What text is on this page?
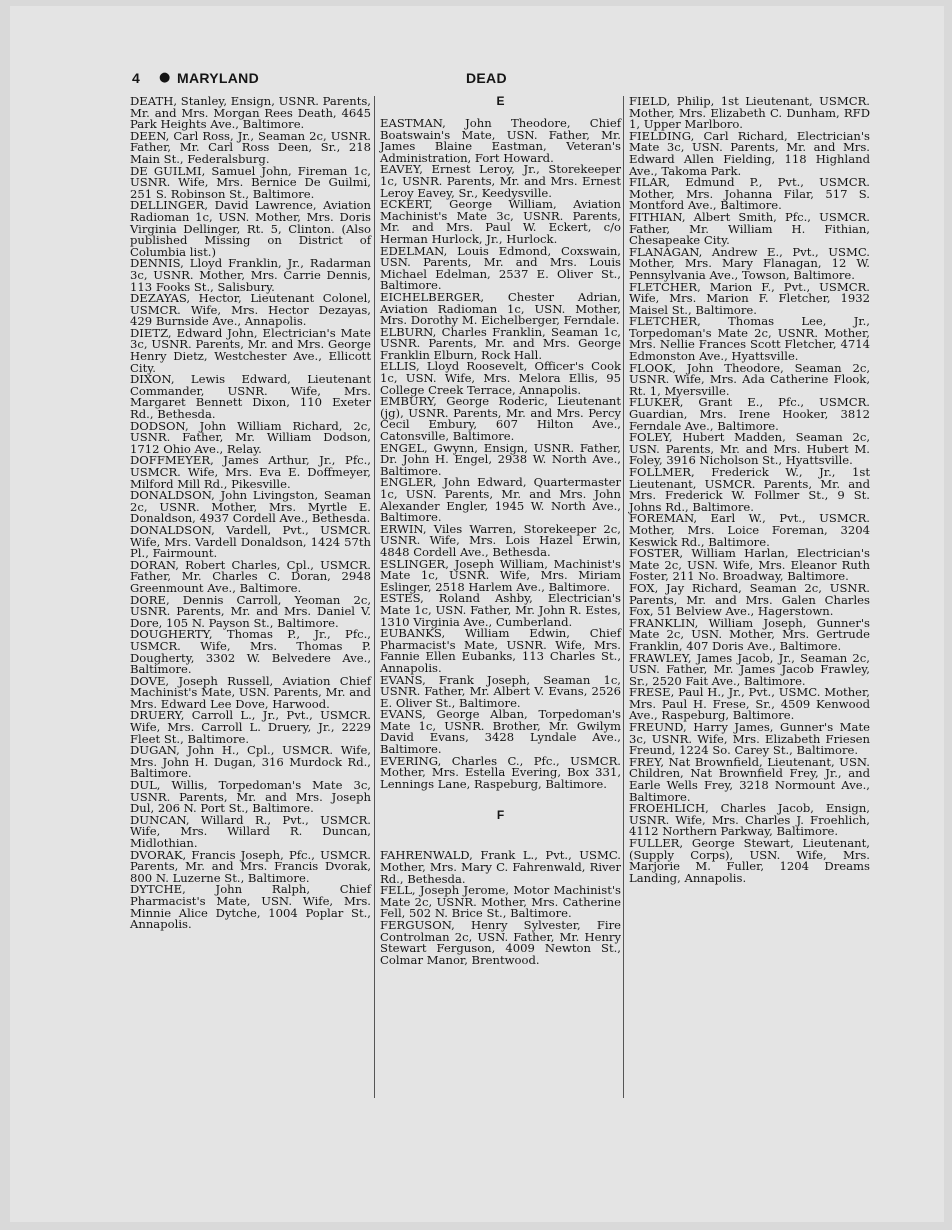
4 ● MARYLAND	DEAD

DEATH, Stanley, Ensign, USNR. Parents, Mr. and Mrs. Morgan Rees Death, 4645 Park Heights Ave., Baltimore.

DEEN, Carl Ross, Jr., Seaman 2c, USNR. Father, Mr. Carl Ross Deen, Sr., 218 Main St., Federalsburg.

DE GUILMI, Samuel John, Fireman 1c, USNR. Wife, Mrs. Bernice De Guilmi, 251 S. Robinson St., Baltimore.

DELLINGER, David Lawrence, Aviation Radioman 1c, USN. Mother, Mrs. Doris Virginia Dellinger, Rt. 5, Clinton. (Also published Missing on District of Columbia list.)

DENNIS, Lloyd Franklin, Jr., Radarman 3c, USNR. Mother, Mrs. Carrie Dennis, 113 Fooks St., Salisbury.

DEZAYAS, Hector, Lieutenant Colonel, USMCR. Wife, Mrs. Hector Dezayas, 429 Burnside Ave., Annapolis.

DIETZ, Edward John, Electrician's Mate 3c, USNR. Parents, Mr. and Mrs. George Henry Dietz, Westchester Ave., Ellicott City.

DIXON, Lewis Edward, Lieutenant Commander, USNR. Wife, Mrs. Margaret Bennett Dixon, 110 Exeter Rd., Bethesda.

DODSON, John William Richard, 2c, USNR. Father, Mr. William Dodson, 1712 Ohio Ave., Relay.

DOFFMEYER, James Arthur, Jr., Pfc., USMCR. Wife, Mrs. Eva E. Doffmeyer, Milford Mill Rd., Pikesville.

DONALDSON, John Livingston, Seaman 2c, USNR. Mother, Mrs. Myrtle E. Donaldson, 4937 Cordell Ave., Bethesda.

DONALDSON, Vardell, Pvt., USMCR. Wife, Mrs. Vardell Donaldson, 1424 57th Pl., Fairmount.

DORAN, Robert Charles, Cpl., USMCR. Father, Mr. Charles C. Doran, 2948 Greenmount Ave., Baltimore.

DORE, Dennis Carroll, Yeoman 2c, USNR. Parents, Mr. and Mrs. Daniel V. Dore, 105 N. Payson St., Baltimore.

DOUGHERTY, Thomas P., Jr., Pfc., USMCR. Wife, Mrs. Thomas P. Dougherty, 3302 W. Belvedere Ave., Baltimore.

DOVE, Joseph Russell, Aviation Chief Machinist's Mate, USN. Parents, Mr. and Mrs. Edward Lee Dove, Harwood.

DRUERY, Carroll L., Jr., Pvt., USMCR. Wife, Mrs. Carroll L. Druery, Jr., 2229 Fleet St., Baltimore.

DUGAN, John H., Cpl., USMCR. Wife, Mrs. John H. Dugan, 316 Murdock Rd., Baltimore.

DUL, Willis, Torpedoman's Mate 3c, USNR. Parents, Mr. and Mrs. Joseph Dul, 206 N. Port St., Baltimore.

DUNCAN, Willard R., Pvt., USMCR. Wife, Mrs. Willard R. Duncan, Midlothian.

DVORAK, Francis Joseph, Pfc., USMCR. Parents, Mr. and Mrs. Francis Dvorak, 800 N. Luzerne St., Baltimore.

DYTCHE, John Ralph, Chief Pharmacist's Mate, USN. Wife, Mrs. Minnie Alice Dytche, 1004 Poplar St., Annapolis.

E

EASTMAN, John Theodore, Chief Boatswain's Mate, USN. Father, Mr. James Blaine Eastman, Veteran's Administration, Fort Howard.

EAVEY, Ernest Leroy, Jr., Storekeeper 1c, USNR. Parents, Mr. and Mrs. Ernest Leroy Eavey, Sr., Keedysville.

ECKERT, George William, Aviation Machinist's Mate 3c, USNR. Parents, Mr. and Mrs. Paul W. Eckert, c/o Herman Hurlock, Jr., Hurlock.

EDELMAN, Louis Edmond, Coxswain, USN. Parents, Mr. and Mrs. Louis Michael Edelman, 2537 E. Oliver St., Baltimore.

EICHELBERGER, Chester Adrian, Aviation Radioman 1c, USN. Mother, Mrs. Dorothy M. Eichelberger, Ferndale.

ELBURN, Charles Franklin, Seaman 1c, USNR. Parents, Mr. and Mrs. George Franklin Elburn, Rock Hall.

ELLIS, Lloyd Roosevelt, Officer's Cook 1c, USN. Wife, Mrs. Melora Ellis, 95 College Creek Terrace, Annapolis.

EMBURY, George Roderic, Lieutenant (jg), USNR. Parents, Mr. and Mrs. Percy Cecil Embury, 607 Hilton Ave., Catonsville, Baltimore.

ENGEL, Gwynn, Ensign, USNR. Father, Dr. John H. Engel, 2938 W. North Ave., Baltimore.

ENGLER, John Edward, Quartermaster 1c, USN. Parents, Mr. and Mrs. John Alexander Engler, 1945 W. North Ave., Baltimore.

ERWIN, Viles Warren, Storekeeper 2c, USNR. Wife, Mrs. Lois Hazel Erwin, 4848 Cordell Ave., Bethesda.

ESLINGER, Joseph William, Machinist's Mate 1c, USNR. Wife, Mrs. Miriam Eslinger, 2518 Harlem Ave., Baltimore.

ESTES, Roland Ashby, Electrician's Mate 1c, USN. Father, Mr. John R. Estes, 1310 Virginia Ave., Cumberland.

EUBANKS, William Edwin, Chief Pharmacist's Mate, USNR. Wife, Mrs. Fannie Ellen Eubanks, 113 Charles St., Annapolis.

EVANS, Frank Joseph, Seaman 1c, USNR. Father, Mr. Albert V. Evans, 2526 E. Oliver St., Baltimore.

EVANS, George Alban, Torpedoman's Mate 1c, USNR. Brother, Mr. Gwilym David Evans, 3428 Lyndale Ave., Baltimore.

EVERING, Charles C., Pfc., USMCR. Mother, Mrs. Estella Evering, Box 331, Lennings Lane, Raspeburg, Baltimore.

F

FAHRENWALD, Frank L., Pvt., USMC. Mother, Mrs. Mary C. Fahrenwald, River Rd., Bethesda.

FELL, Joseph Jerome, Motor Machinist's Mate 2c, USNR. Mother, Mrs. Catherine Fell, 502 N. Brice St., Baltimore.

FERGUSON, Henry Sylvester, Fire Controlman 2c, USN. Father, Mr. Henry Stewart Ferguson, 4009 Newton St., Colmar Manor, Brentwood.

FIELD, Philip, 1st Lieutenant, USMCR. Mother, Mrs. Elizabeth C. Dunham, RFD 1, Upper Marlboro.

FIELDING, Carl Richard, Electrician's Mate 3c, USN. Parents, Mr. and Mrs. Edward Allen Fielding, 118 Highland Ave., Takoma Park.

FILAR, Edmund P., Pvt., USMCR. Mother, Mrs. Johanna Filar, 517 S. Montford Ave., Baltimore.

FITHIAN, Albert Smith, Pfc., USMCR. Father, Mr. William H. Fithian, Chesapeake City.

FLANAGAN, Andrew E., Pvt., USMC. Mother, Mrs. Mary Flanagan, 12 W. Pennsylvania Ave., Towson, Baltimore.

FLETCHER, Marion F., Pvt., USMCR. Wife, Mrs. Marion F. Fletcher, 1932 Maisel St., Baltimore.

FLETCHER, Thomas Lee, Jr., Torpedoman's Mate 2c, USNR. Mother, Mrs. Nellie Frances Scott Fletcher, 4714 Edmonston Ave., Hyattsville.

FLOOK, John Theodore, Seaman 2c, USNR. Wife, Mrs. Ada Catherine Flook, Rt. 1, Myersville.

FLUKER, Grant E., Pfc., USMCR. Guardian, Mrs. Irene Hooker, 3812 Ferndale Ave., Baltimore.

FOLEY, Hubert Madden, Seaman 2c, USN. Parents, Mr. and Mrs. Hubert M. Foley, 3916 Nicholson St., Hyattsville.

FOLLMER, Frederick W., Jr., 1st Lieutenant, USMCR. Parents, Mr. and Mrs. Frederick W. Follmer St., 9 St. Johns Rd., Baltimore.

FOREMAN, Earl W., Pvt., USMCR. Mother, Mrs. Loice Foreman, 3204 Keswick Rd., Baltimore.

FOSTER, William Harlan, Electrician's Mate 2c, USN. Wife, Mrs. Eleanor Ruth Foster, 211 No. Broadway, Baltimore.

FOX, Jay Richard, Seaman 2c, USNR. Parents, Mr. and Mrs. Galen Charles Fox, 51 Belview Ave., Hagerstown.

FRANKLIN, William Joseph, Gunner's Mate 2c, USN. Mother, Mrs. Gertrude Franklin, 407 Doris Ave., Baltimore.

FRAWLEY, James Jacob, Jr., Seaman 2c, USN. Father, Mr. James Jacob Frawley, Sr., 2520 Fait Ave., Baltimore.

FRESE, Paul H., Jr., Pvt., USMC. Mother, Mrs. Paul H. Frese, Sr., 4509 Kenwood Ave., Raspeburg, Baltimore.

FREUND, Harry James, Gunner's Mate 3c, USNR. Wife, Mrs. Elizabeth Friesen Freund, 1224 So. Carey St., Baltimore.

FREY, Nat Brownfield, Lieutenant, USN. Children, Nat Brownfield Frey, Jr., and Earle Wells Frey, 3218 Normount Ave., Baltimore.

FROEHLICH, Charles Jacob, Ensign, USNR. Wife, Mrs. Charles J. Froehlich, 4112 Northern Parkway, Baltimore.

FULLER, George Stewart, Lieutenant, (Supply Corps), USN. Wife, Mrs. Marjorie M. Fuller, 1204 Dreams Landing, Annapolis.
